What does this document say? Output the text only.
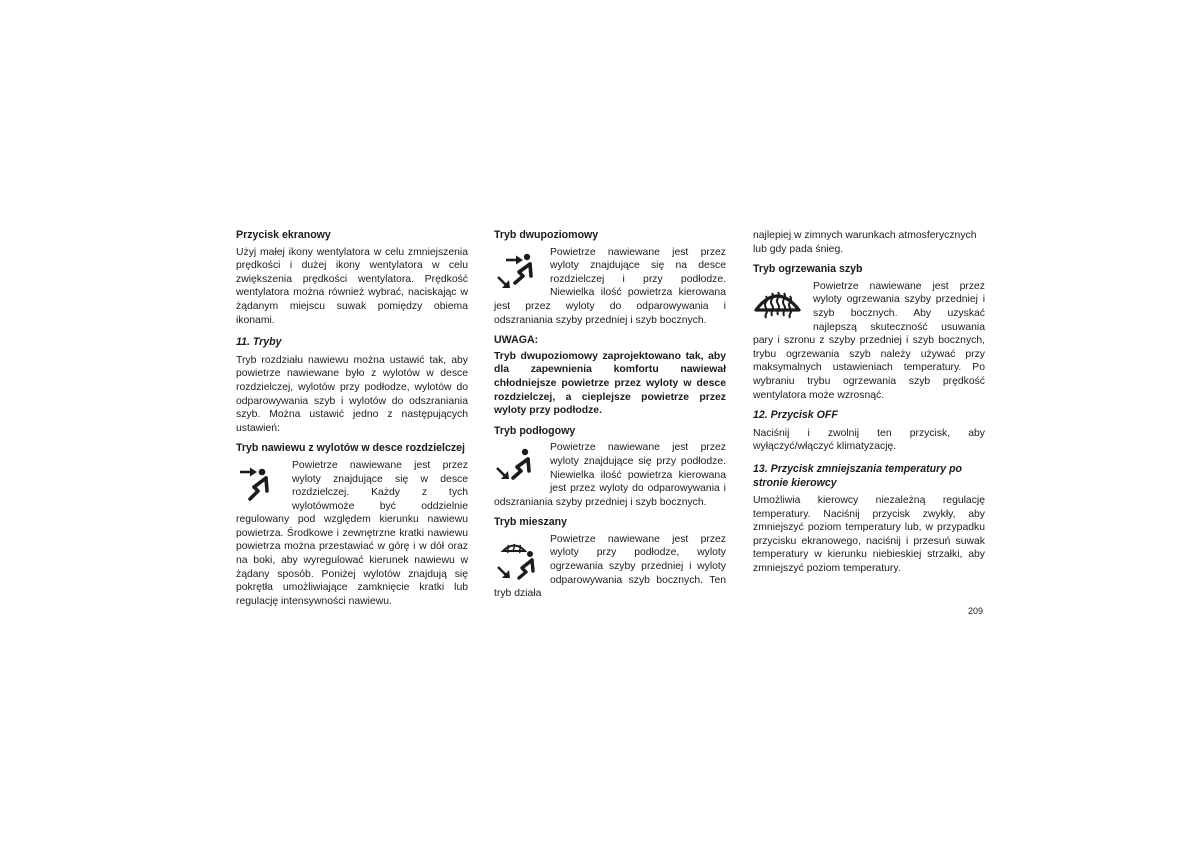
Przycisk ekranowy

Użyj małej ikony wentylatora w celu zmniejszenia prędkości i dużej ikony wentylatora w celu zwiększenia prędkości wentylatora. Prędkość wentylatora można również wybrać, naciskając w żądanym miejscu suwak pomiędzy obiema ikonami.

11. Tryby

Tryb rozdziału nawiewu można ustawić tak, aby powietrze nawiewane było z wylotów w desce rozdzielczej, wylotów przy podłodze, wylotów do odparowywania szyb i wylotów do odszraniania szyb. Można ustawić jedno z następujących ustawień:

Tryb nawiewu z wylotów w desce rozdzielczej

Powietrze nawiewane jest przez wyloty znajdujące się w desce rozdzielczej. Każdy z tych wylotówmoże być oddzielnie regulowany pod względem kierunku nawiewu powietrza. Środkowe i zewnętrzne kratki nawiewu powietrza można przestawiać w górę i w dół oraz na boki, aby wyregulować kierunek nawiewu w żądany sposób. Poniżej wylotów znajdują się pokrętła umożliwiające zamknięcie kratki lub regulację intensywności nawiewu.

Tryb dwupoziomowy

Powietrze nawiewane jest przez wyloty znajdujące się na desce rozdzielczej i przy podłodze. Niewielka ilość powietrza kierowana jest przez wyloty do odparowywania i odszraniania szyby przedniej i szyb bocznych.

UWAGA:

Tryb dwupoziomowy zaprojektowano tak, aby dla zapewnienia komfortu nawiewał chłodniejsze powietrze przez wyloty w desce rozdzielczej, a cieplejsze powietrze przez wyloty przy podłodze.

Tryb podłogowy

Powietrze nawiewane jest przez wyloty znajdujące się przy podłodze. Niewielka ilość powietrza kierowana jest przez wyloty do odparowywania i odszraniania szyby przedniej i szyb bocznych.

Tryb mieszany

Powietrze nawiewane jest przez wyloty przy podłodze, wyloty ogrzewania szyby przedniej i wyloty odparowywania szyb bocznych. Ten tryb działa

najlepiej w zimnych warunkach atmosferycznych lub gdy pada śnieg.

Tryb ogrzewania szyb

Powietrze nawiewane jest przez wyloty ogrzewania szyby przedniej i szyb bocznych. Aby uzyskać najlepszą skuteczność usuwania pary i szronu z szyby przedniej i szyb bocznych, trybu ogrzewania szyb należy używać przy maksymalnych ustawieniach temperatury. Po wybraniu trybu ogrzewania szyb prędkość wentylatora może wzrosnąć.

12. Przycisk OFF

Naciśnij i zwolnij ten przycisk, aby wyłączyć/włączyć klimatyzację.

13. Przycisk zmniejszania temperatury po stronie kierowcy

Umożliwia kierowcy niezależną regulację temperatury. Naciśnij przycisk zwykły, aby zmniejszyć poziom temperatury lub, w przypadku przycisku ekranowego, naciśnij i przesuń suwak temperatury w kierunku niebieskiej strzałki, aby zmniejszyć poziom temperatury.

209
